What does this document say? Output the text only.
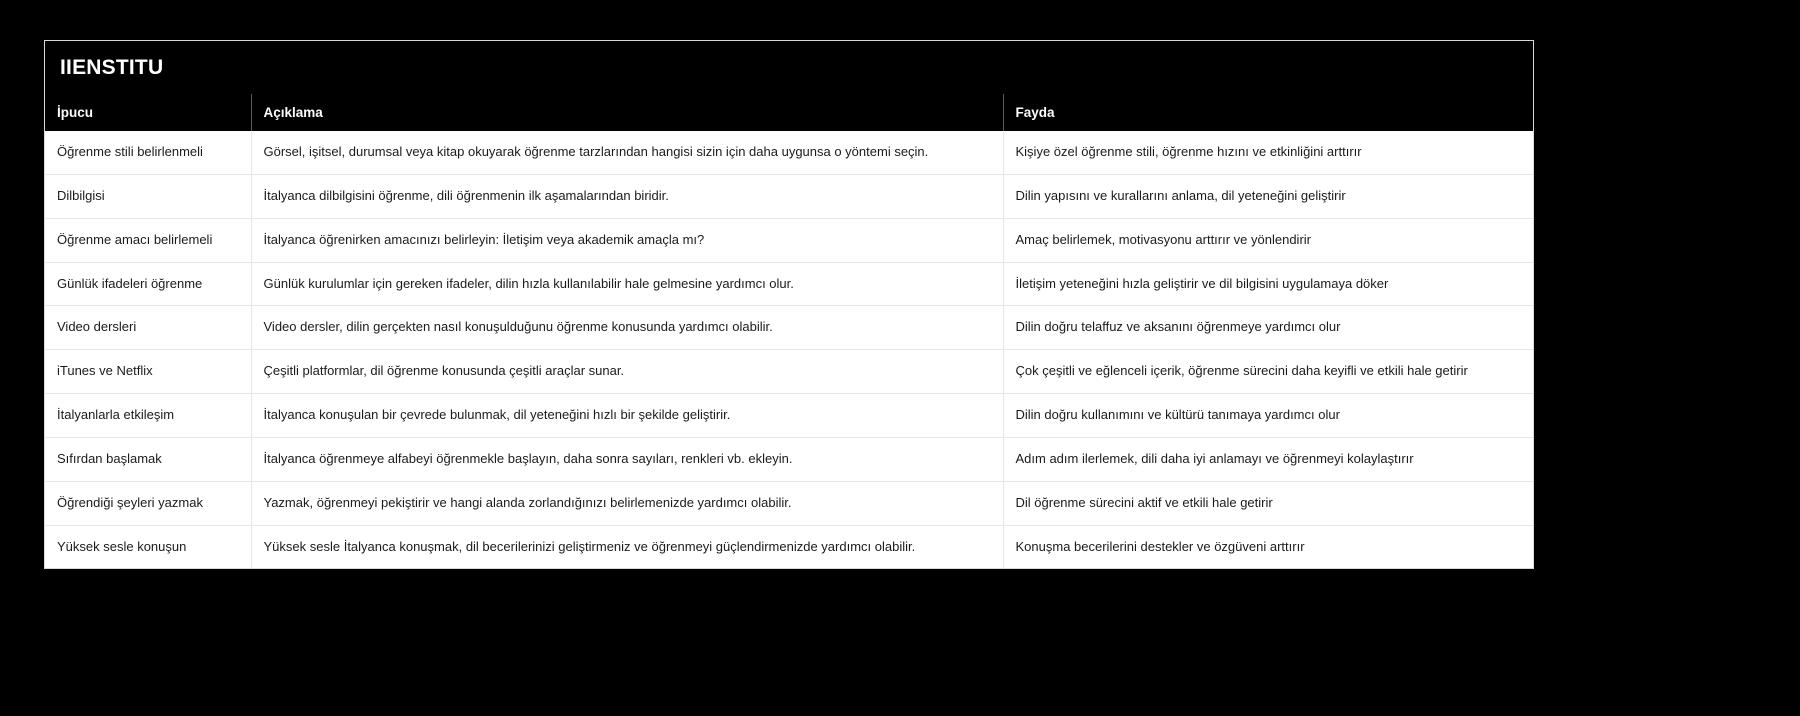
IIENSTITU
İpucu	Açıklama	Fayda
Öğrenme stili belirlenmeli	Görsel, işitsel, durumsal veya kitap okuyarak öğrenme tarzlarından hangisi sizin için daha uygunsa o yöntemi seçin.	Kişiye özel öğrenme stili, öğrenme hızını ve etkinliğini arttırır
Dilbilgisi	İtalyanca dilbilgisini öğrenme, dili öğrenmenin ilk aşamalarından biridir.	Dilin yapısını ve kurallarını anlama, dil yeteneğini geliştirir
Öğrenme amacı belirlemeli	İtalyanca öğrenirken amacınızı belirleyin: İletişim veya akademik amaçla mı?	Amaç belirlemek, motivasyonu arttırır ve yönlendirir
Günlük ifadeleri öğrenme	Günlük kurulumlar için gereken ifadeler, dilin hızla kullanılabilir hale gelmesine yardımcı olur.	İletişim yeteneğini hızla geliştirir ve dil bilgisini uygulamaya döker
Video dersleri	Video dersler, dilin gerçekten nasıl konuşulduğunu öğrenme konusunda yardımcı olabilir.	Dilin doğru telaffuz ve aksanını öğrenmeye yardımcı olur
iTunes ve Netflix	Çeşitli platformlar, dil öğrenme konusunda çeşitli araçlar sunar.	Çok çeşitli ve eğlenceli içerik, öğrenme sürecini daha keyifli ve etkili hale getirir
İtalyanlarla etkileşim	İtalyanca konuşulan bir çevrede bulunmak, dil yeteneğini hızlı bir şekilde geliştirir.	Dilin doğru kullanımını ve kültürü tanımaya yardımcı olur
Sıfırdan başlamak	İtalyanca öğrenmeye alfabeyi öğrenmekle başlayın, daha sonra sayıları, renkleri vb. ekleyin.	Adım adım ilerlemek, dili daha iyi anlamayı ve öğrenmeyi kolaylaştırır
Öğrendiği şeyleri yazmak	Yazmak, öğrenmeyi pekiştirir ve hangi alanda zorlandığınızı belirlemenizde yardımcı olabilir.	Dil öğrenme sürecini aktif ve etkili hale getirir
Yüksek sesle konuşun	Yüksek sesle İtalyanca konuşmak, dil becerilerinizi geliştirmeniz ve öğrenmeyi güçlendirmenizde yardımcı olabilir.	Konuşma becerilerini destekler ve özgüveni arttırır
